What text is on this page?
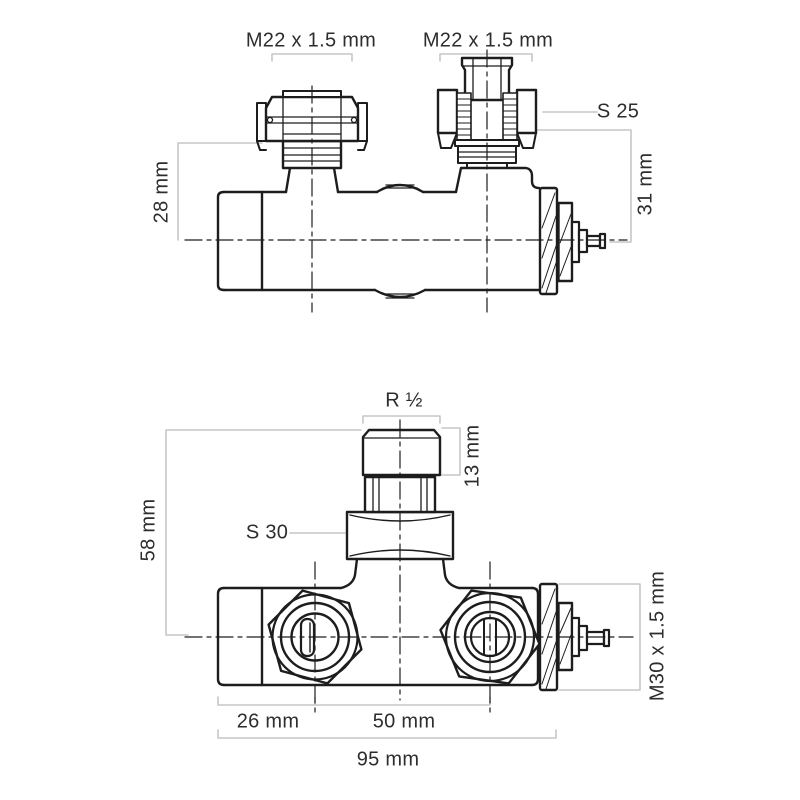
M22 x 1.5 mm M22 x 1.5 mm
S 25
28 mm	31 mm
R ½
13 mm
S 30
58 mm
M30 x 1.5 mm
26 mm	50 mm
95 mm
